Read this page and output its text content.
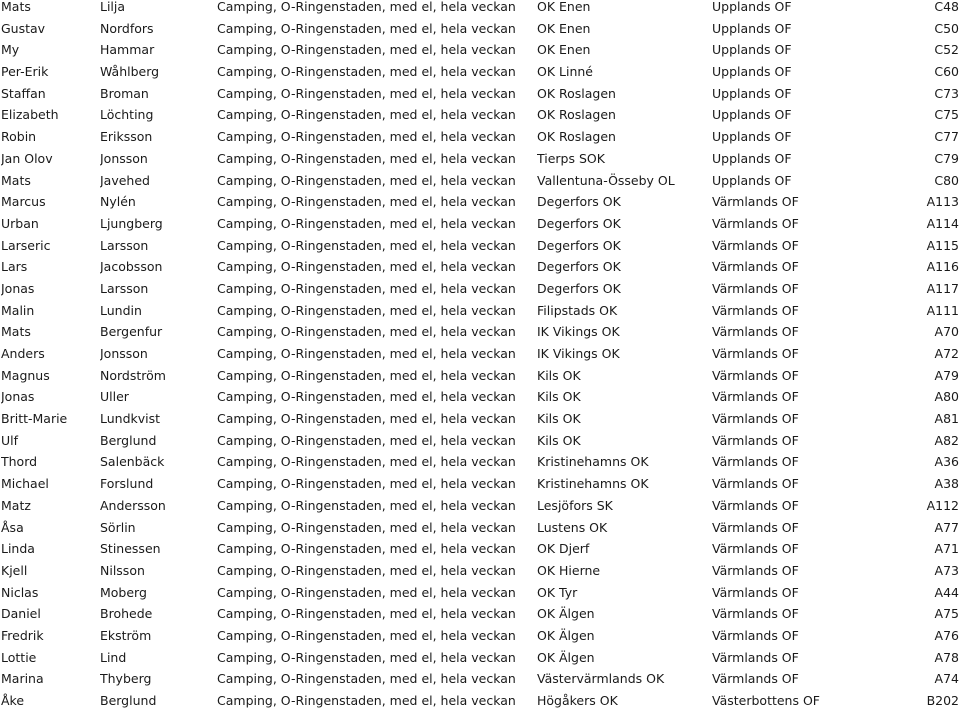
Mats	Lilja	Camping, O-Ringenstaden, med el, hela veckan	OK Enen	Upplands OF	C48
Gustav	Nordfors	Camping, O-Ringenstaden, med el, hela veckan	OK Enen	Upplands OF	C50
My	Hammar	Camping, O-Ringenstaden, med el, hela veckan	OK Enen	Upplands OF	C52
Per-Erik	Wåhlberg	Camping, O-Ringenstaden, med el, hela veckan	OK Linné	Upplands OF	C60
Staffan	Broman	Camping, O-Ringenstaden, med el, hela veckan	OK Roslagen	Upplands OF	C73
Elizabeth	Löchting	Camping, O-Ringenstaden, med el, hela veckan	OK Roslagen	Upplands OF	C75
Robin	Eriksson	Camping, O-Ringenstaden, med el, hela veckan	OK Roslagen	Upplands OF	C77
Jan Olov	Jonsson	Camping, O-Ringenstaden, med el, hela veckan	Tierps SOK	Upplands OF	C79
Mats	Javehed	Camping, O-Ringenstaden, med el, hela veckan	Vallentuna-Össeby OL	Upplands OF	C80
Marcus	Nylén	Camping, O-Ringenstaden, med el, hela veckan	Degerfors OK	Värmlands OF	A113
Urban	Ljungberg	Camping, O-Ringenstaden, med el, hela veckan	Degerfors OK	Värmlands OF	A114
Larseric	Larsson	Camping, O-Ringenstaden, med el, hela veckan	Degerfors OK	Värmlands OF	A115
Lars	Jacobsson	Camping, O-Ringenstaden, med el, hela veckan	Degerfors OK	Värmlands OF	A116
Jonas	Larsson	Camping, O-Ringenstaden, med el, hela veckan	Degerfors OK	Värmlands OF	A117
Malin	Lundin	Camping, O-Ringenstaden, med el, hela veckan	Filipstads OK	Värmlands OF	A111
Mats	Bergenfur	Camping, O-Ringenstaden, med el, hela veckan	IK Vikings OK	Värmlands OF	A70
Anders	Jonsson	Camping, O-Ringenstaden, med el, hela veckan	IK Vikings OK	Värmlands OF	A72
Magnus	Nordström	Camping, O-Ringenstaden, med el, hela veckan	Kils OK	Värmlands OF	A79
Jonas	Uller	Camping, O-Ringenstaden, med el, hela veckan	Kils OK	Värmlands OF	A80
Britt-Marie	Lundkvist	Camping, O-Ringenstaden, med el, hela veckan	Kils OK	Värmlands OF	A81
Ulf	Berglund	Camping, O-Ringenstaden, med el, hela veckan	Kils OK	Värmlands OF	A82
Thord	Salenbäck	Camping, O-Ringenstaden, med el, hela veckan	Kristinehamns OK	Värmlands OF	A36
Michael	Forslund	Camping, O-Ringenstaden, med el, hela veckan	Kristinehamns OK	Värmlands OF	A38
Matz	Andersson	Camping, O-Ringenstaden, med el, hela veckan	Lesjöfors SK	Värmlands OF	A112
Åsa	Sörlin	Camping, O-Ringenstaden, med el, hela veckan	Lustens OK	Värmlands OF	A77
Linda	Stinessen	Camping, O-Ringenstaden, med el, hela veckan	OK Djerf	Värmlands OF	A71
Kjell	Nilsson	Camping, O-Ringenstaden, med el, hela veckan	OK Hierne	Värmlands OF	A73
Niclas	Moberg	Camping, O-Ringenstaden, med el, hela veckan	OK Tyr	Värmlands OF	A44
Daniel	Brohede	Camping, O-Ringenstaden, med el, hela veckan	OK Älgen	Värmlands OF	A75
Fredrik	Ekström	Camping, O-Ringenstaden, med el, hela veckan	OK Älgen	Värmlands OF	A76
Lottie	Lind	Camping, O-Ringenstaden, med el, hela veckan	OK Älgen	Värmlands OF	A78
Marina	Thyberg	Camping, O-Ringenstaden, med el, hela veckan	Västervärmlands OK	Värmlands OF	A74
Åke	Berglund	Camping, O-Ringenstaden, med el, hela veckan	Högåkers OK	Västerbottens OF	B202
